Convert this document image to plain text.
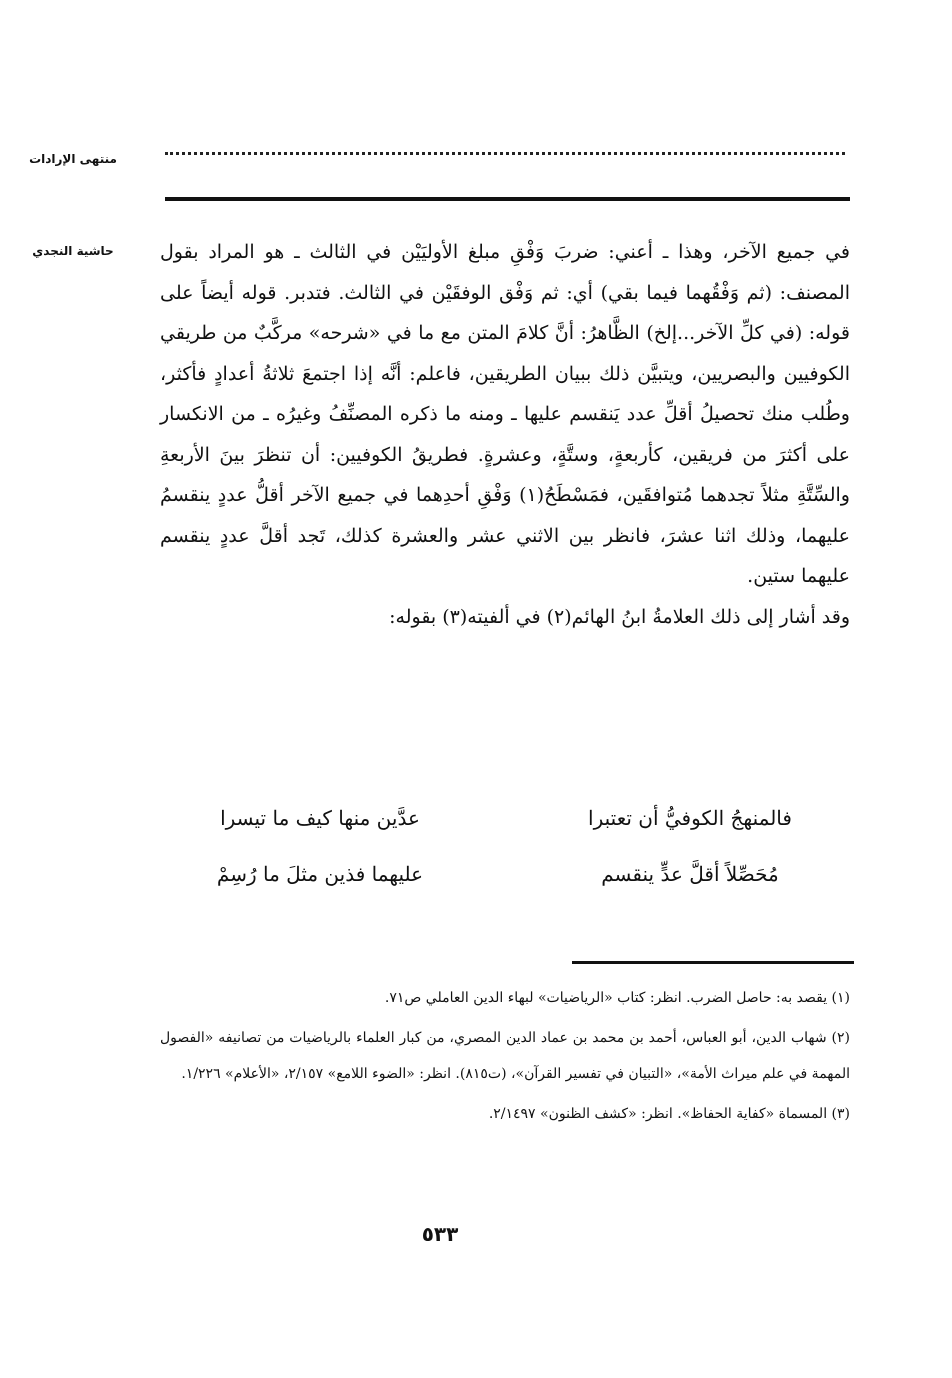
منتهى الإرادات
حاشية النجدي	في جميع الآخر، وهذا ـ أعني: ضربَ وَفْقِ مبلغ الأوليَيْن في الثالث ـ هو المراد بقول المصنف: (ثم وَفْقُهما فيما بقي) أي: ثم وَفْق الوفقَيْن في الثالث. فتدبر. قوله أيضاً على قوله: (في كلِّ الآخر...إلخ) الظَّاهرُ: أنَّ كلامَ المتن مع ما في «شرحه» مركَّبٌ من طريقي الكوفيين والبصريين، ويتبيَّن ذلك ببيان الطريقين، فاعلم: أنَّه إذا اجتمعَ ثلاثةُ أعدادٍ فأكثر، وطُلب منك تحصيلُ أقلِّ عدد يَنقسم عليها ـ ومنه ما ذكره المصنِّفُ وغيرُه ـ من الانكسار على أكثرَ من فريقين، كأربعةٍ، وستَّةٍ، وعشرةٍ. فطريقُ الكوفيين: أن تنظرَ بينَ الأربعةِ والسِّتَّةِ مثلاً تجدهما مُتوافقَين، فمَسْطَحُ(١) وَفْقِ أحدِهما في جميع الآخر أقلُّ عددٍ ينقسمُ عليهما، وذلك اثنا عشرَ، فانظر بين الاثني عشر والعشرة كذلك، تَجد أقلَّ عددٍ ينقسم عليهما ستين.

وقد أشار إلى ذلك العلامةُ ابنُ الهائم(٢) في ألفيته(٣) بقوله:

فالمنهجُ الكوفيُّ أن تعتبرا
عدَّين منها كيف ما تيسرا
مُحَصِّلاً أقلَّ عدٍّ ينقسم
عليهما فذين مثلَ ما رُسِمْ

(١) يقصد به: حاصل الضرب. انظر: كتاب «الرياضيات» لبهاء الدين العاملي ص٧١.

(٢) شهاب الدين، أبو العباس، أحمد بن محمد بن عماد الدين المصري، من كبار العلماء بالرياضيات من تصانيفه «الفصول المهمة في علم ميراث الأمة»، «التبيان في تفسير القرآن»، (ت٨١٥). انظر: «الضوء اللامع» ٢/١٥٧، «الأعلام» ١/٢٢٦.

(٣) المسماة «كفاية الحفاظ». انظر: «كشف الظنون» ٢/١٤٩٧.

٥٣٣
